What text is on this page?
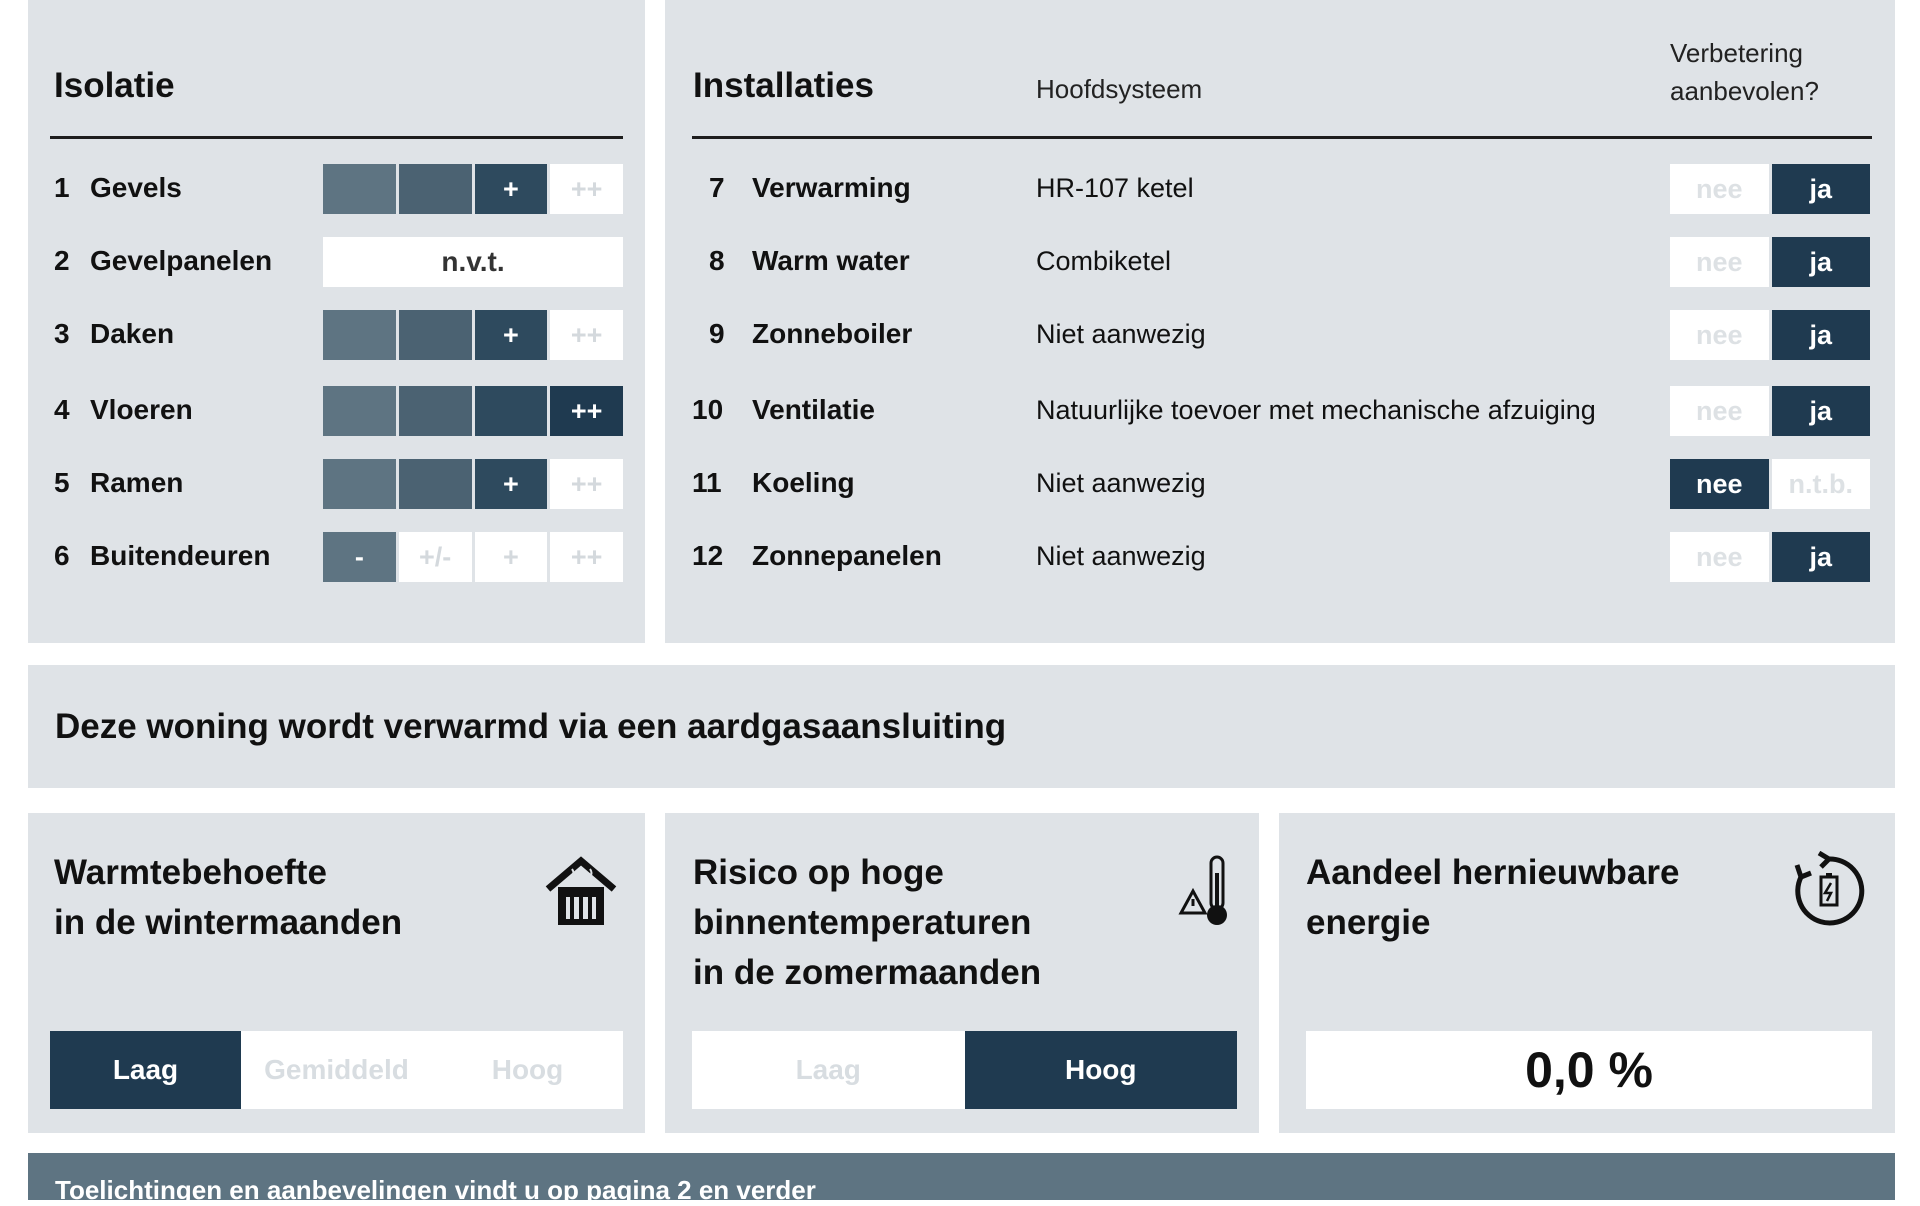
Isolatie
1 Gevels	+	++
2 Gevelpanelen	n.v.t.
3 Daken	+	++
4 Vloeren	++
5 Ramen	+	++
6 Buitendeuren	-	+/-	+	++
Installaties	Hoofdsysteem
Verbetering aanbevolen?
7 Verwarming	HR-107 ketel	nee	ja
8 Warm water	Combiketel	nee	ja
9 Zonneboiler	Niet aanwezig	nee	ja
10 Ventilatie	Natuurlijke toevoer met mechanische afzuiging	nee	ja
11 Koeling	Niet aanwezig	nee	n.t.b.
12 Zonnepanelen	Niet aanwezig	nee	ja
Deze woning wordt verwarmd via een aardgasaansluiting
Warmtebehoefte
in de wintermaanden
Laag	Gemiddeld	Hoog
Risico op hoge
binnentemperaturen
in de zomermaanden
Laag	Hoog
Aandeel hernieuwbare
energie
0,0 %
Toelichtingen en aanbevelingen vindt u op pagina 2 en verder
